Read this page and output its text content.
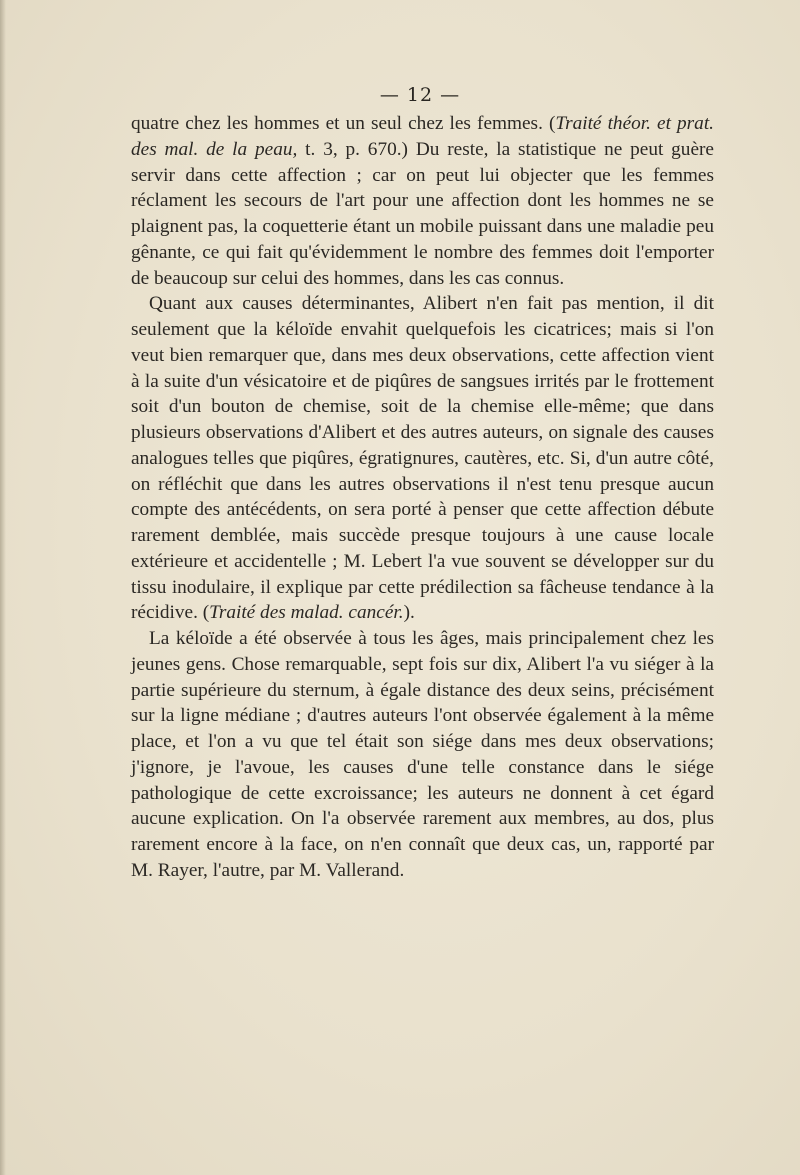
— 12 —

quatre chez les hommes et un seul chez les femmes. (Traité théor. et prat. des mal. de la peau, t. 3, p. 670.) Du reste, la statistique ne peut guère servir dans cette affection ; car on peut lui objecter que les femmes réclament les secours de l'art pour une affection dont les hommes ne se plaignent pas, la coquetterie étant un mobile puissant dans une maladie peu gênante, ce qui fait qu'évidemment le nombre des femmes doit l'emporter de beaucoup sur celui des hommes, dans les cas connus.

Quant aux causes déterminantes, Alibert n'en fait pas mention, il dit seulement que la kéloïde envahit quelquefois les cicatrices; mais si l'on veut bien remarquer que, dans mes deux observations, cette affection vient à la suite d'un vésicatoire et de piqûres de sangsues irrités par le frottement soit d'un bouton de chemise, soit de la chemise elle-même; que dans plusieurs observations d'Alibert et des autres auteurs, on signale des causes analogues telles que piqûres, égratignures, cautères, etc. Si, d'un autre côté, on réfléchit que dans les autres observations il n'est tenu presque aucun compte des antécédents, on sera porté à penser que cette affection débute rarement demblée, mais succède presque toujours à une cause locale extérieure et accidentelle ; M. Lebert l'a vue souvent se développer sur du tissu inodulaire, il explique par cette prédilection sa fâcheuse tendance à la récidive. (Traité des malad. cancér.).

La kéloïde a été observée à tous les âges, mais principalement chez les jeunes gens. Chose remarquable, sept fois sur dix, Alibert l'a vu siéger à la partie supérieure du sternum, à égale distance des deux seins, précisément sur la ligne médiane ; d'autres auteurs l'ont observée également à la même place, et l'on a vu que tel était son siége dans mes deux observations; j'ignore, je l'avoue, les causes d'une telle constance dans le siége pathologique de cette excroissance; les auteurs ne donnent à cet égard aucune explication. On l'a observée rarement aux membres, au dos, plus rarement encore à la face, on n'en connaît que deux cas, un, rapporté par M. Rayer, l'autre, par M. Vallerand.
